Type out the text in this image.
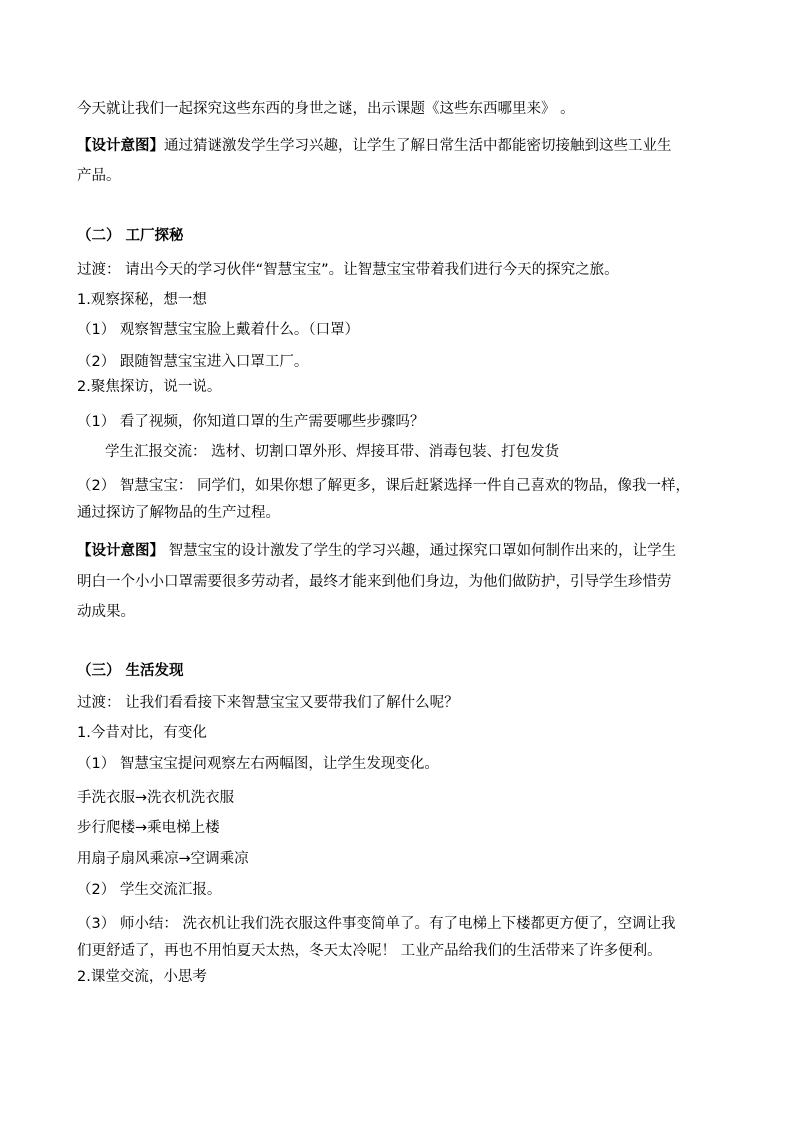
今天就让我们一起探究这些东西的身世之谜，出示课题《这些东西哪里来》 。
【设计意图】通过猜谜激发学生学习兴趣，让学生了解日常生活中都能密切接触到这些工业生
产品。
（二） 工厂探秘
过渡： 请出今天的学习伙伴“智慧宝宝”。让智慧宝宝带着我们进行今天的探究之旅。
1.观察探秘，想一想
（1） 观察智慧宝宝脸上戴着什么。（口罩）
（2） 跟随智慧宝宝进入口罩工厂。
2.聚焦探访，说一说。
（1） 看了视频，你知道口罩的生产需要哪些步骤吗？
学生汇报交流： 选材、切割口罩外形、焊接耳带、消毒包装、打包发货
（2） 智慧宝宝： 同学们，如果你想了解更多，课后赶紧选择一件自己喜欢的物品，像我一样，
通过探访了解物品的生产过程。
【设计意图】 智慧宝宝的设计激发了学生的学习兴趣，通过探究口罩如何制作出来的，让学生
明白一个小小口罩需要很多劳动者，最终才能来到他们身边，为他们做防护，引导学生珍惜劳
动成果。
（三） 生活发现
过渡： 让我们看看接下来智慧宝宝又要带我们了解什么呢？
1.今昔对比，有变化
（1） 智慧宝宝提问观察左右两幅图，让学生发现变化。
手洗衣服→洗衣机洗衣服
步行爬楼→乘电梯上楼
用扇子扇风乘凉→空调乘凉
（2） 学生交流汇报。
（3） 师小结： 洗衣机让我们洗衣服这件事变简单了。有了电梯上下楼都更方便了，空调让我
们更舒适了，再也不用怕夏天太热，冬天太冷呢！ 工业产品给我们的生活带来了许多便利。
2.课堂交流，小思考
